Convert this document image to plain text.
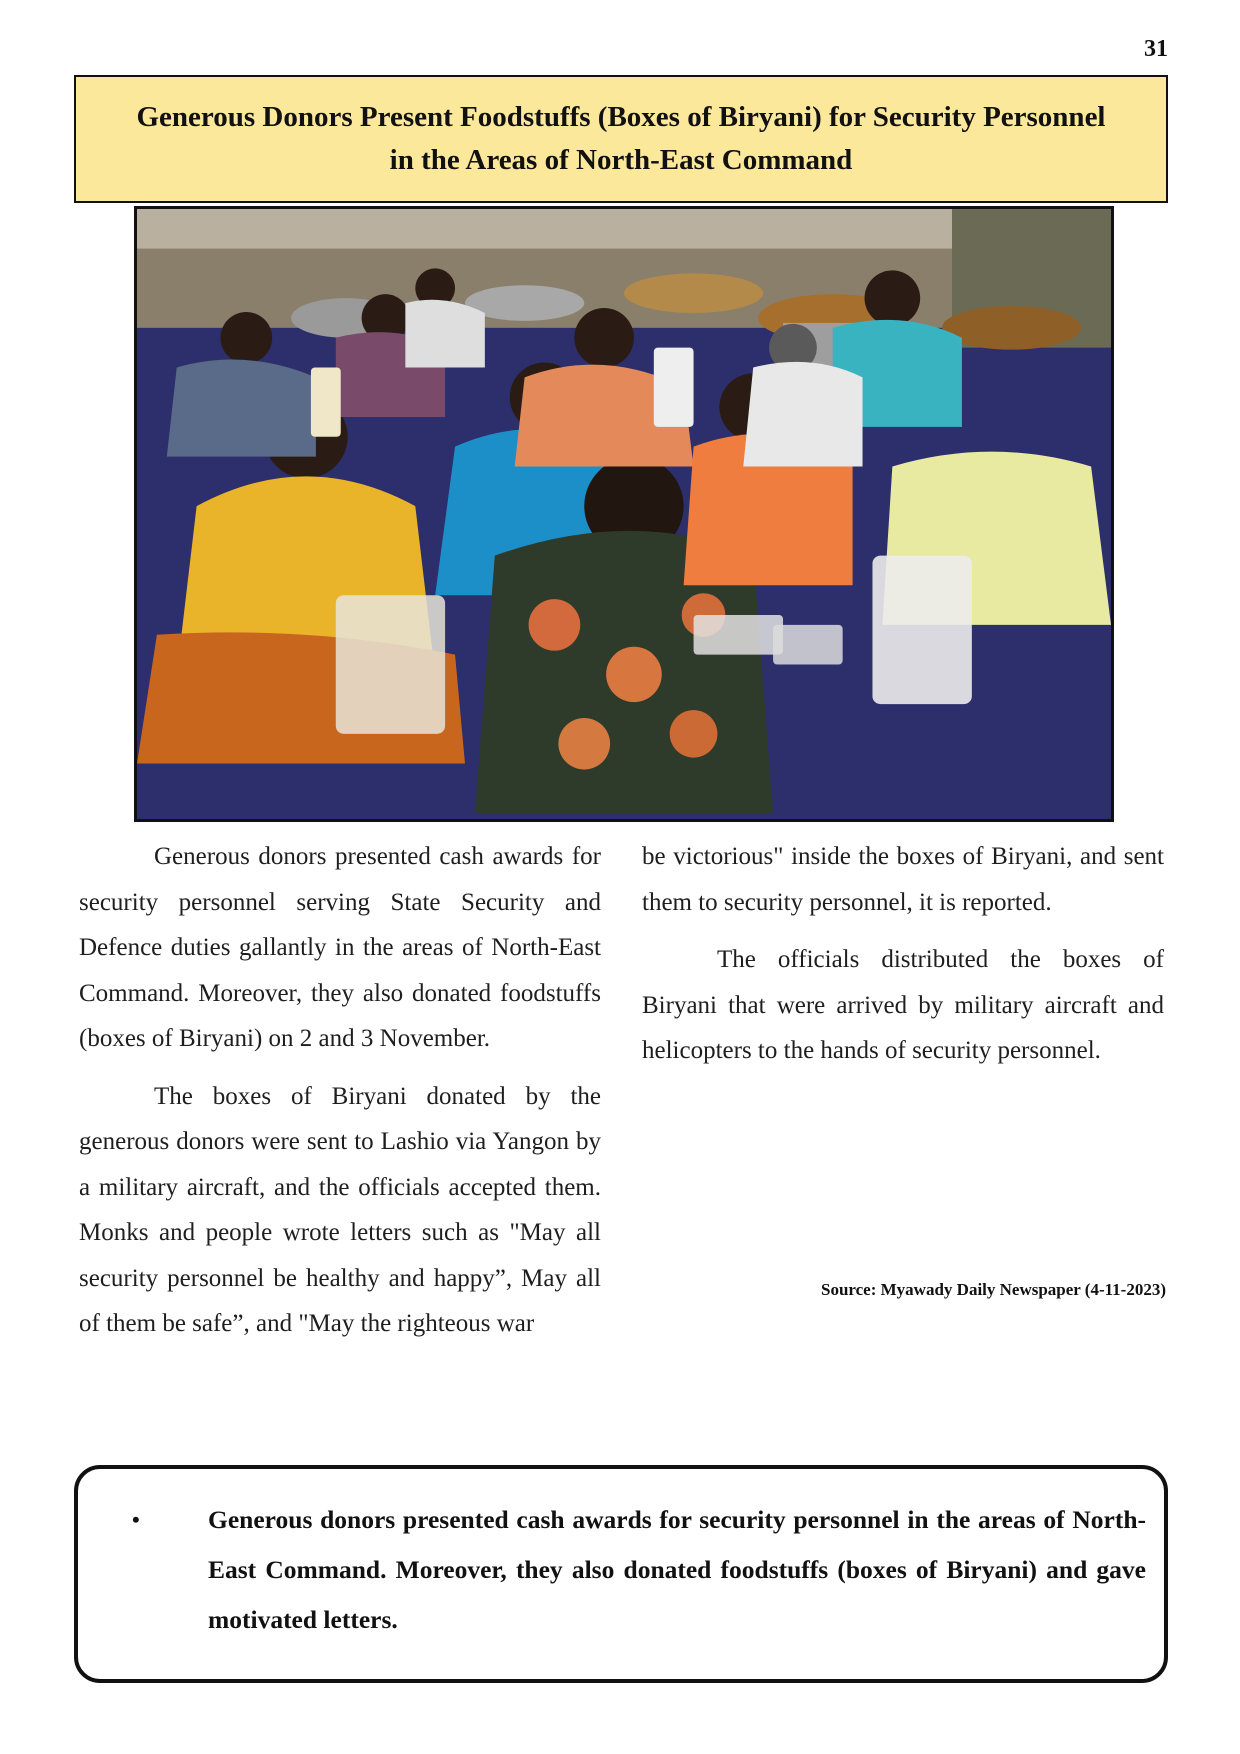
31
Generous Donors Present Foodstuffs (Boxes of Biryani) for Security Personnel
in the Areas of North-East Command

Generous donors presented cash awards for security personnel serving State Security and Defence duties gallantly in the areas of North-East Command. Moreover, they also donated foodstuffs (boxes of Biryani) on 2 and 3 November.

The boxes of Biryani donated by the generous donors were sent to Lashio via Yangon by a military aircraft, and the officials accepted them. Monks and people wrote letters such as "May all security personnel be healthy and happy”, May all of them be safe”, and "May the righteous war

be victorious" inside the boxes of Biryani, and sent them to security personnel, it is reported.

The officials distributed the boxes of Biryani that were arrived by military aircraft and helicopters to the hands of security personnel.

Source: Myawady Daily Newspaper (4-11-2023)
•	Generous donors presented cash awards for security personnel in the areas of North-East Command. Moreover, they also donated foodstuffs (boxes of Biryani) and gave motivated letters.
